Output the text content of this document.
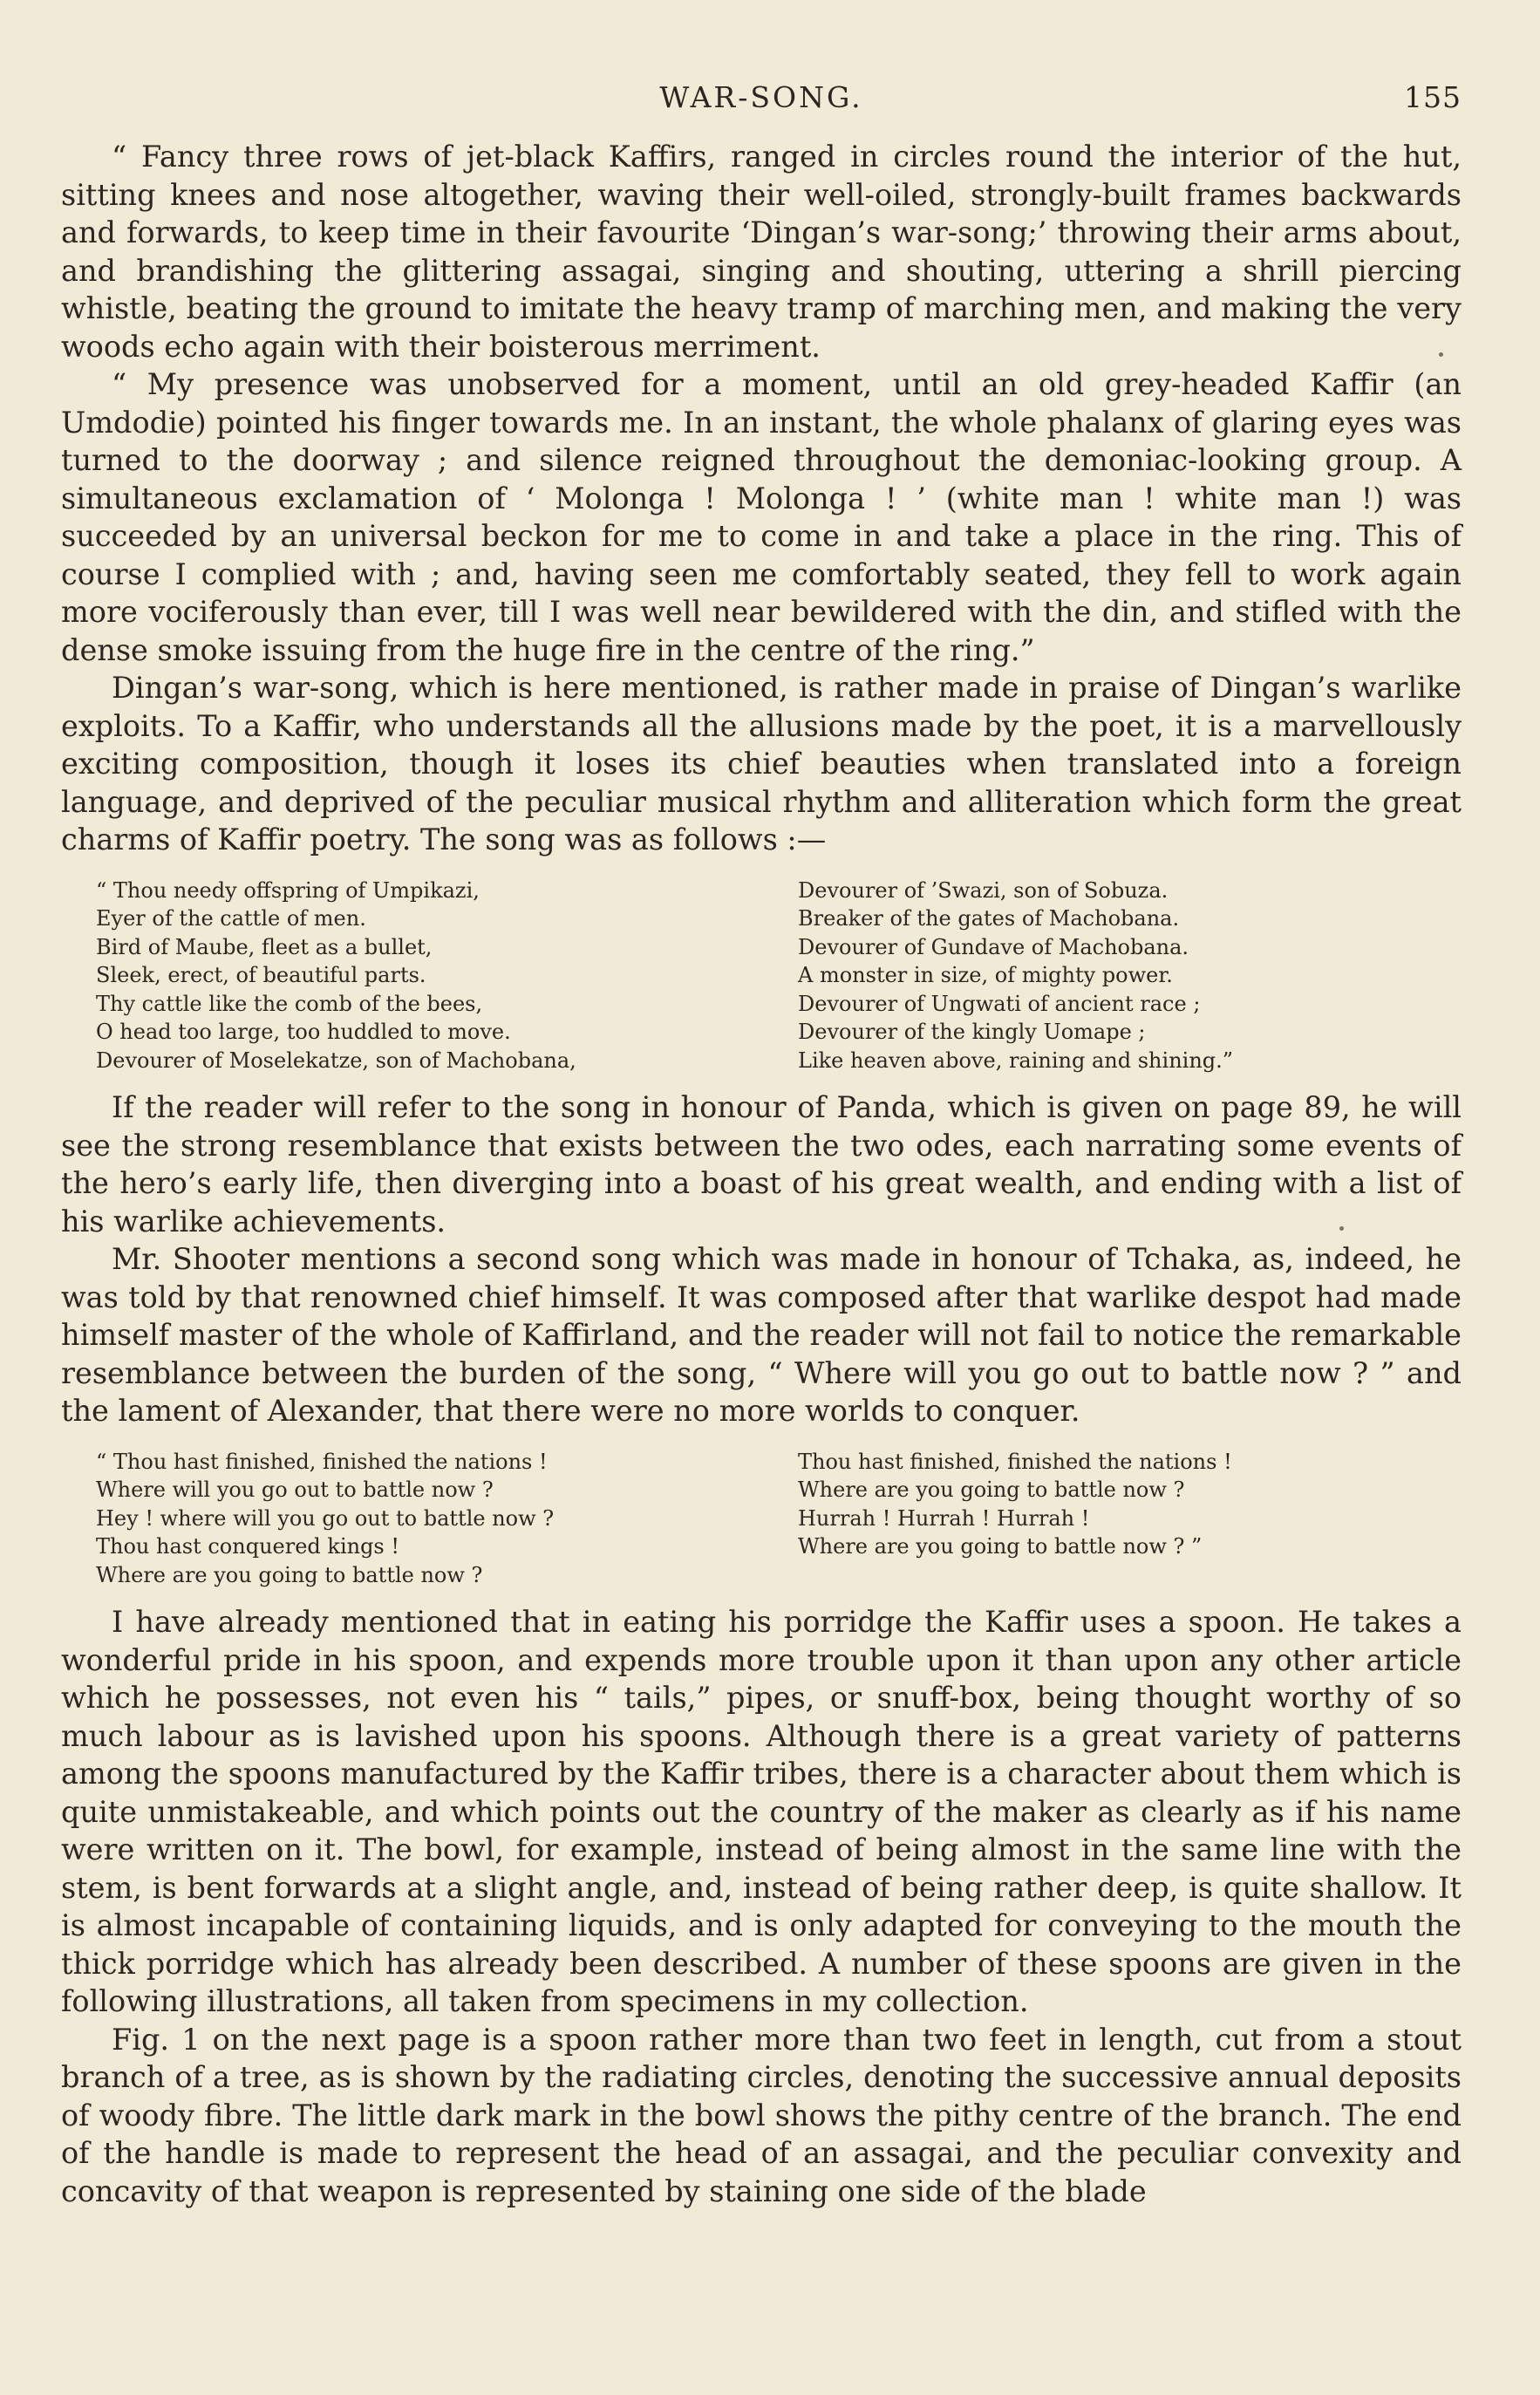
WAR-SONG.	155

“ Fancy three rows of jet-black Kaffirs, ranged in circles round the interior of the hut, sitting knees and nose altogether, waving their well-oiled, strongly-built frames backwards and forwards, to keep time in their favourite ‘Dingan’s war-song;’ throwing their arms about, and brandishing the glittering assagai, singing and shouting, uttering a shrill piercing whistle, beating the ground to imitate the heavy tramp of marching men, and making the very woods echo again with their boisterous merriment.

“ My presence was unobserved for a moment, until an old grey-headed Kaffir (an Umdodie) pointed his finger towards me. In an instant, the whole phalanx of glaring eyes was turned to the doorway ; and silence reigned throughout the demoniac-looking group. A simultaneous exclamation of ‘ Molonga ! Molonga ! ’ (white man ! white man !) was succeeded by an universal beckon for me to come in and take a place in the ring. This of course I complied with ; and, having seen me comfortably seated, they fell to work again more vociferously than ever, till I was well near bewildered with the din, and stifled with the dense smoke issuing from the huge fire in the centre of the ring.”

Dingan’s war-song, which is here mentioned, is rather made in praise of Dingan’s warlike exploits. To a Kaffir, who understands all the allusions made by the poet, it is a marvellously exciting composition, though it loses its chief beauties when translated into a foreign language, and deprived of the peculiar musical rhythm and alliteration which form the great charms of Kaffir poetry. The song was as follows :—

“ Thou needy offspring of Umpikazi,
Eyer of the cattle of men.
Bird of Maube, fleet as a bullet,
Sleek, erect, of beautiful parts.
Thy cattle like the comb of the bees,
O head too large, too huddled to move.
Devourer of Moselekatze, son of Machobana,
Devourer of ’Swazi, son of Sobuza.
Breaker of the gates of Machobana.
Devourer of Gundave of Machobana.
A monster in size, of mighty power.
Devourer of Ungwati of ancient race ;
Devourer of the kingly Uomape ;
Like heaven above, raining and shining.”

If the reader will refer to the song in honour of Panda, which is given on page 89, he will see the strong resemblance that exists between the two odes, each narrating some events of the hero’s early life, then diverging into a boast of his great wealth, and ending with a list of his warlike achievements.

Mr. Shooter mentions a second song which was made in honour of Tchaka, as, indeed, he was told by that renowned chief himself. It was composed after that warlike despot had made himself master of the whole of Kaffirland, and the reader will not fail to notice the remarkable resemblance between the burden of the song, “ Where will you go out to battle now ? ” and the lament of Alexander, that there were no more worlds to conquer.

“ Thou hast finished, finished the nations !
Where will you go out to battle now ?
Hey ! where will you go out to battle now ?
Thou hast conquered kings !
Where are you going to battle now ?
Thou hast finished, finished the nations !
Where are you going to battle now ?
Hurrah ! Hurrah ! Hurrah !
Where are you going to battle now ? ”

I have already mentioned that in eating his porridge the Kaffir uses a spoon. He takes a wonderful pride in his spoon, and expends more trouble upon it than upon any other article which he possesses, not even his “ tails,” pipes, or snuff-box, being thought worthy of so much labour as is lavished upon his spoons. Although there is a great variety of patterns among the spoons manufactured by the Kaffir tribes, there is a character about them which is quite unmistakeable, and which points out the country of the maker as clearly as if his name were written on it. The bowl, for example, instead of being almost in the same line with the stem, is bent forwards at a slight angle, and, instead of being rather deep, is quite shallow. It is almost incapable of containing liquids, and is only adapted for conveying to the mouth the thick porridge which has already been described. A number of these spoons are given in the following illustrations, all taken from specimens in my collection.

Fig. 1 on the next page is a spoon rather more than two feet in length, cut from a stout branch of a tree, as is shown by the radiating circles, denoting the successive annual deposits of woody fibre. The little dark mark in the bowl shows the pithy centre of the branch. The end of the handle is made to represent the head of an assagai, and the peculiar convexity and concavity of that weapon is represented by staining one side of the blade
